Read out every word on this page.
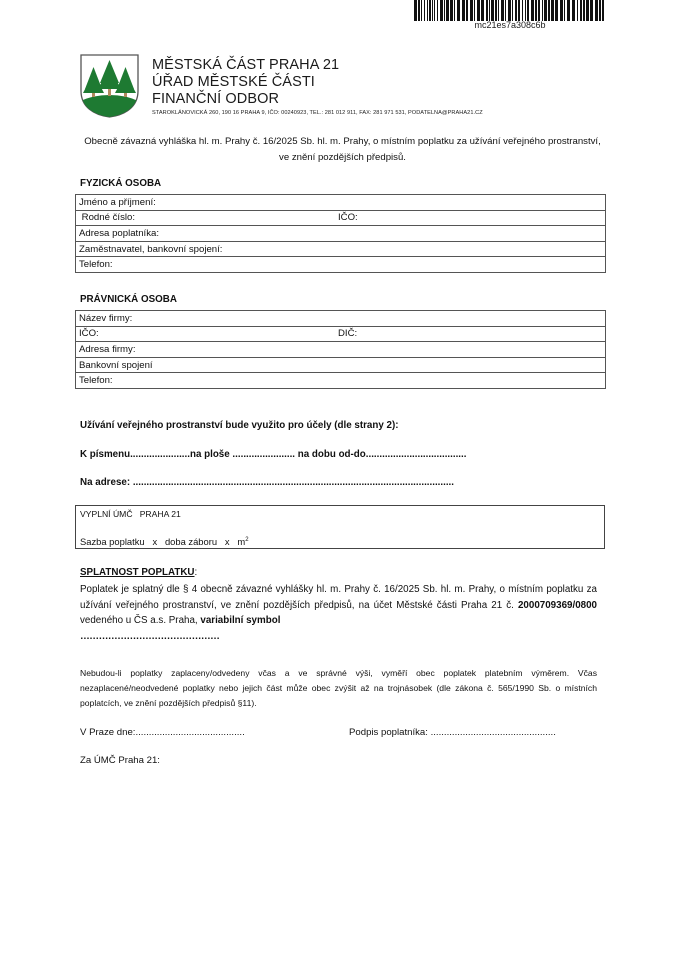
mc21es7a308c6b
MĚSTSKÁ ČÁST PRAHA 21
ÚŘAD MĚSTSKÉ ČÁSTI
FINANČNÍ ODBOR
STAROKLÁNOVICKÁ 260, 190 16 PRAHA 9, IČO: 00240923, TEL.: 281 012 911, FAX: 281 971 531, PODATELNA@PRAHA21.CZ
Obecně závazná vyhláška hl. m. Prahy č. 16/2025 Sb. hl. m. Prahy, o místním poplatku za užívání veřejného prostranství, ve znění pozdějších předpisů.
FYZICKÁ OSOBA
Jméno a příjmení:
Rodné číslo:	IČO:

Adresa poplatníka:
Zaměstnavatel, bankovní spojení:
Telefon:
PRÁVNICKÁ OSOBA
Název firmy:
IČO:	DIČ:

Adresa firmy:
Bankovní spojení
Telefon:
Užívání veřejného prostranství bude využito pro účely (dle strany 2):
K písmenu......................na ploše ....................... na dobu od-do.....................................
Na adrese: ......................................................................................................................
VYPLNÍ ÚMČ   PRAHA 21
Sazba poplatku   x   doba záboru   x   $m^2$
SPLATNOST POPLATKU:
Poplatek je splatný dle § 4 obecně závazné vyhlášky hl. m. Prahy č. 16/2025 Sb. hl. m. Prahy, o místním poplatku za užívání veřejného prostranství, ve znění pozdějších předpisů, na účet Městské části Praha 21 č. 2000709369/0800 vedeného u ČS a.s. Praha, variabilní symbol
………………………………………
Nebudou-li poplatky zaplaceny/odvedeny včas a ve správné výši, vyměří obec poplatek platebním výměrem. Včas nezaplacené/neodvedené poplatky nebo jejich část může obec zvýšit až na trojnásobek (dle zákona č. 565/1990 Sb. o místních poplatcích, ve znění pozdějších předpisů §11).
V Praze dne:.........................................	Podpis poplatníka: ...............................................
Za ÚMČ Praha 21:
